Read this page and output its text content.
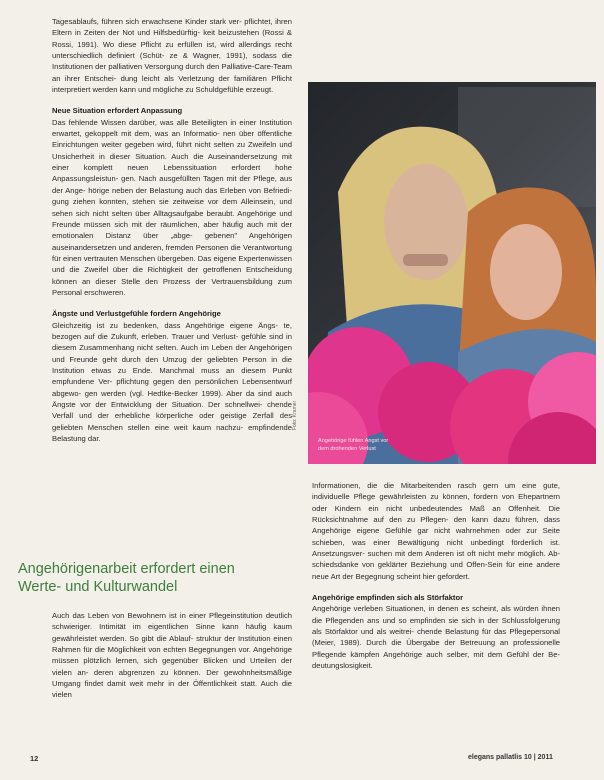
Tagesablaufs, führen sich erwachsene Kinder stark ver- pflichtet, ihren Eltern in Zeiten der Not und Hilfsbedürftig- keit beizustehen (Rossi & Rossi, 1991). Wo diese Pflicht zu erfüllen ist, wird allerdings recht unterschiedlich definiert (Schüt- ze & Wagner, 1991), sodass die Institutionen der palliativen Versorgung durch den Palliative-Care-Team an ihrer Entschei- dung leicht als Verletzung der familiären Pflicht interpretiert werden kann und mögliche zu Schuldgefühle erzeugt.

Neue Situation erfordert Anpassung

Das fehlende Wissen darüber, was alle Beteiligten in einer Institution erwartet, gekoppelt mit dem, was an Informatio- nen über öffentliche Einrichtungen weiter gegeben wird, führt nicht selten zu Zweifeln und Unsicherheit in dieser Situation. Auch die Auseinandersetzung mit einer komplett neuen Lebenssituation erfordert hohe Anpassungsleistun- gen. Nach ausgefüllten Tagen mit der Pflege, aus der Ange- hörige neben der Belastung auch das Erleben von Befriedi- gung ziehen konnten, stehen sie zeitweise vor dem Alleinsein, und sehen sich nicht selten über Alltagsaufgabe beraubt. Angehörige und Freunde müssen sich mit der räumlichen, aber häufig auch mit der emotionalen Distanz über „abge- gebenen" Angehörigen auseinandersetzen und anderen, fremden Personen die Verantwortung für einen vertrauten Menschen übergeben. Das eigene Expertenwissen und die Zweifel über die Richtigkeit der getroffenen Entscheidung können an dieser Stelle den Prozess der Vertrauensbildung zum Personal erschweren.

Ängste und Verlustgefühle fordern Angehörige

Gleichzeitig ist zu bedenken, dass Angehörige eigene Ängs- te, bezogen auf die Zukunft, erleben. Trauer und Verlust- gefühle sind in diesem Zusammenhang nicht selten. Auch im Leben der Angehörigen und Freunde geht durch den Umzug der geliebten Person in die Institution etwas zu Ende. Manchmal muss an diesem Punkt empfundene Ver- pflichtung gegen den persönlichen Lebensentwurf abgewo- gen werden (vgl. Hedtke-Becker 1999). Aber da sind auch Ängste vor der Entwicklung der Situation. Der schnellwei- chende Verfall und der erhebliche körperliche oder geistige Zerfall des geliebten Menschen stellen eine weit kaum nachzu- empfindende Belastung dar.

Angehörigenarbeit erfordert einen
Werte- und Kulturwandel

Auch das Leben von Bewohnern ist in einer Pflegeinstitution deutlich schwieriger. Intimität im eigentlichen Sinne kann häufig kaum gewährleistet werden. So gibt die Ablauf- struktur der Institution einen Rahmen für die Möglichkeit von echten Begegnungen vor. Angehörige müssen plötzlich lernen, sich gegenüber Blicken und Urteilen der vielen an- deren abgrenzen zu können. Der gewohnheitsmäßige Umgang findet damit weit mehr in der Öffentlichkeit statt. Auch die vielen

Angehörige fühlen Angst vor
dem drohenden Verlust
Foto: Kramer

Informationen, die die Mitarbeitenden rasch gern um eine gute, individuelle Pflege gewährleisten zu können, fordern von Ehepartnern oder Kindern ein nicht unbedeutendes Maß an Offenheit. Die Rücksichtnahme auf den zu Pflegen- den kann dazu führen, dass Angehörige eigene Gefühle gar nicht wahrnehmen oder zur Seite schieben, was einer Bewältigung nicht unbedingt förderlich ist. Ansetzungsver- suchen mit dem Anderen ist oft nicht mehr möglich. Ab- schiedsdanke von geklärter Beziehung und Offen-Sein für eine andere neue Art der Begegnung scheint hier gefordert.

Angehörige empfinden sich als Störfaktor

Angehörige verleben Situationen, in denen es scheint, als würden ihnen die Pflegenden ans und so empfinden sie sich in der Schlussfolgerung als Störfaktor und als weitrei- chende Belastung für das Pflegepersonal (Meier, 1989). Durch die Übergabe der Betreuung an professionelle Pflegende kämpfen Angehörige auch selber, mit dem Gefühl der Be- deutungslosigkeit.

12	elegans pallatlis 10 | 2011
